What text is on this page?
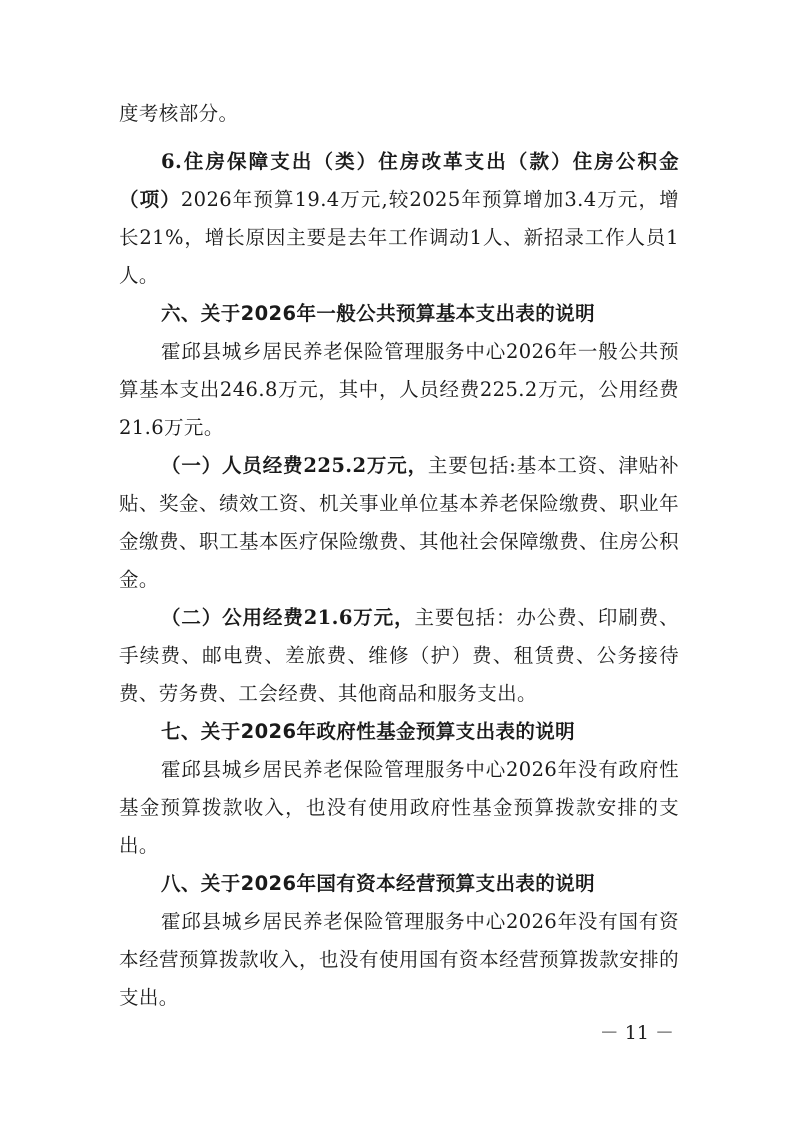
度考核部分。

6.住房保障支出（类）住房改革支出（款）住房公积金（项）2026年预算19.4万元,较2025年预算增加3.4万元，增长21%，增长原因主要是去年工作调动1人、新招录工作人员1人。

六、关于2026年一般公共预算基本支出表的说明

霍邱县城乡居民养老保险管理服务中心2026年一般公共预算基本支出246.8万元，其中，人员经费225.2万元，公用经费21.6万元。

（一）人员经费225.2万元，主要包括:基本工资、津贴补贴、奖金、绩效工资、机关事业单位基本养老保险缴费、职业年金缴费、职工基本医疗保险缴费、其他社会保障缴费、住房公积金。

（二）公用经费21.6万元，主要包括：办公费、印刷费、手续费、邮电费、差旅费、维修（护）费、租赁费、公务接待费、劳务费、工会经费、其他商品和服务支出。

七、关于2026年政府性基金预算支出表的说明

霍邱县城乡居民养老保险管理服务中心2026年没有政府性基金预算拨款收入，也没有使用政府性基金预算拨款安排的支出。

八、关于2026年国有资本经营预算支出表的说明

霍邱县城乡居民养老保险管理服务中心2026年没有国有资本经营预算拨款收入，也没有使用国有资本经营预算拨款安排的支出。

－ 11 －
